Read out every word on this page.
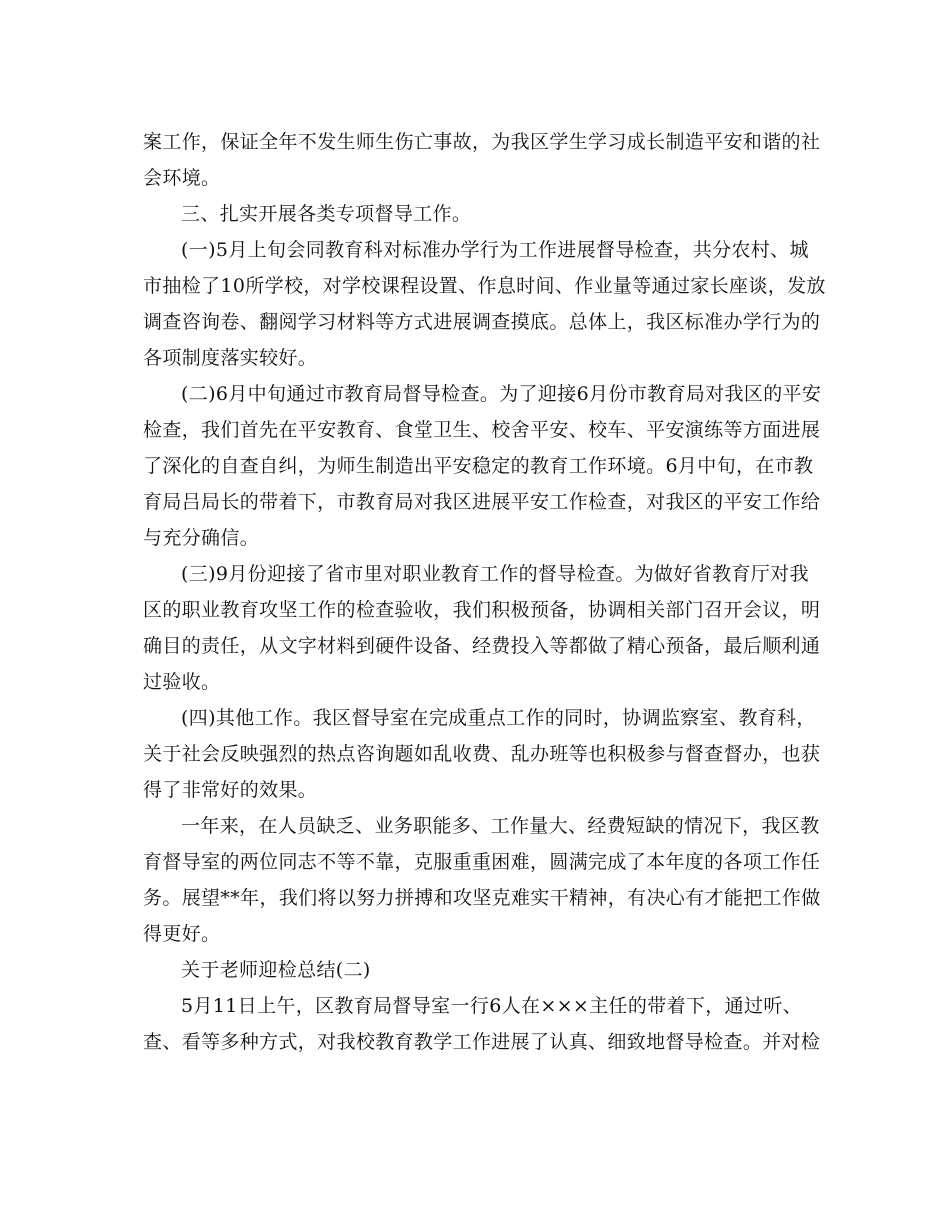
案工作，保证全年不发生师生伤亡事故，为我区学生学习成长制造平安和谐的社
会环境。
三、扎实开展各类专项督导工作。
(一)5月上旬会同教育科对标准办学行为工作进展督导检查，共分农村、城
市抽检了10所学校，对学校课程设置、作息时间、作业量等通过家长座谈，发放
调查咨询卷、翻阅学习材料等方式进展调查摸底。总体上，我区标准办学行为的
各项制度落实较好。
(二)6月中旬通过市教育局督导检查。为了迎接6月份市教育局对我区的平安
检查，我们首先在平安教育、食堂卫生、校舍平安、校车、平安演练等方面进展
了深化的自查自纠，为师生制造出平安稳定的教育工作环境。6月中旬，在市教
育局吕局长的带着下，市教育局对我区进展平安工作检查，对我区的平安工作给
与充分确信。
(三)9月份迎接了省市里对职业教育工作的督导检查。为做好省教育厅对我
区的职业教育攻坚工作的检查验收，我们积极预备，协调相关部门召开会议，明
确目的责任，从文字材料到硬件设备、经费投入等都做了精心预备，最后顺利通
过验收。
(四)其他工作。我区督导室在完成重点工作的同时，协调监察室、教育科，
关于社会反映强烈的热点咨询题如乱收费、乱办班等也积极参与督查督办，也获
得了非常好的效果。
一年来，在人员缺乏、业务职能多、工作量大、经费短缺的情况下，我区教
育督导室的两位同志不等不靠，克服重重困难，圆满完成了本年度的各项工作任
务。展望**年，我们将以努力拼搏和攻坚克难实干精神，有决心有才能把工作做
得更好。
关于老师迎检总结(二)
5月11日上午，区教育局督导室一行6人在×××主任的带着下，通过听、
查、看等多种方式，对我校教育教学工作进展了认真、细致地督导检查。并对检
